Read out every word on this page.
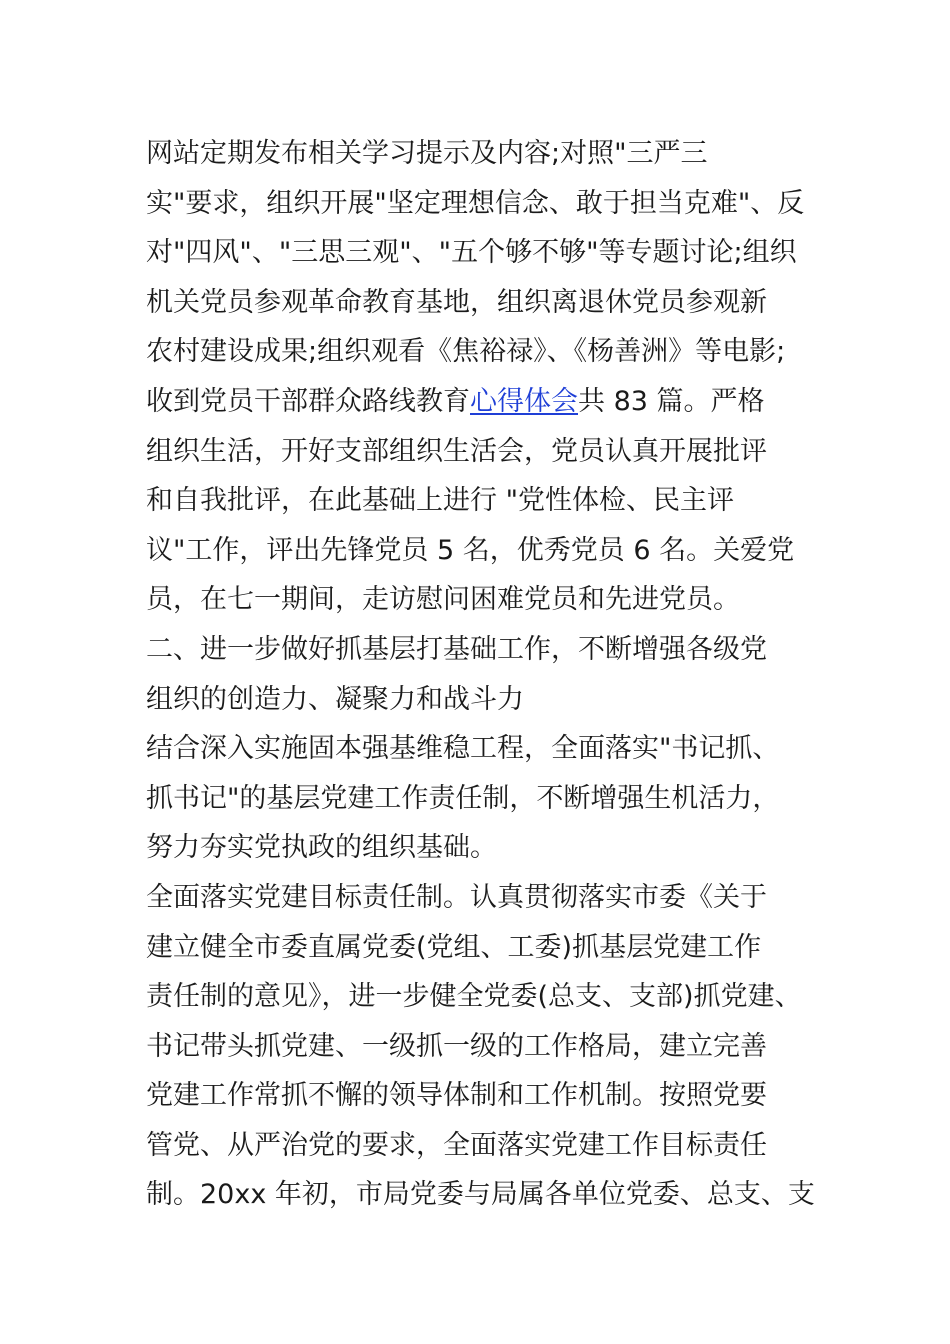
网站定期发布相关学习提示及内容;对照"三严三
实"要求，组织开展"坚定理想信念、敢于担当克难"、反
对"四风"、"三思三观"、"五个够不够"等专题讨论;组织
机关党员参观革命教育基地，组织离退休党员参观新
农村建设成果;组织观看《焦裕禄》、《杨善洲》等电影;
收到党员干部群众路线教育心得体会共 83 篇。严格
组织生活，开好支部组织生活会，党员认真开展批评
和自我批评，在此基础上进行 "党性体检、民主评
议"工作，评出先锋党员 5 名，优秀党员 6 名。关爱党
员，在七一期间，走访慰问困难党员和先进党员。
二、进一步做好抓基层打基础工作，不断增强各级党
组织的创造力、凝聚力和战斗力
结合深入实施固本强基维稳工程，全面落实"书记抓、
抓书记"的基层党建工作责任制，不断增强生机活力，
努力夯实党执政的组织基础。
全面落实党建目标责任制。认真贯彻落实市委《关于
建立健全市委直属党委(党组、工委)抓基层党建工作
责任制的意见》，进一步健全党委(总支、支部)抓党建、
书记带头抓党建、一级抓一级的工作格局，建立完善
党建工作常抓不懈的领导体制和工作机制。按照党要
管党、从严治党的要求，全面落实党建工作目标责任
制。20xx 年初，市局党委与局属各单位党委、总支、支
